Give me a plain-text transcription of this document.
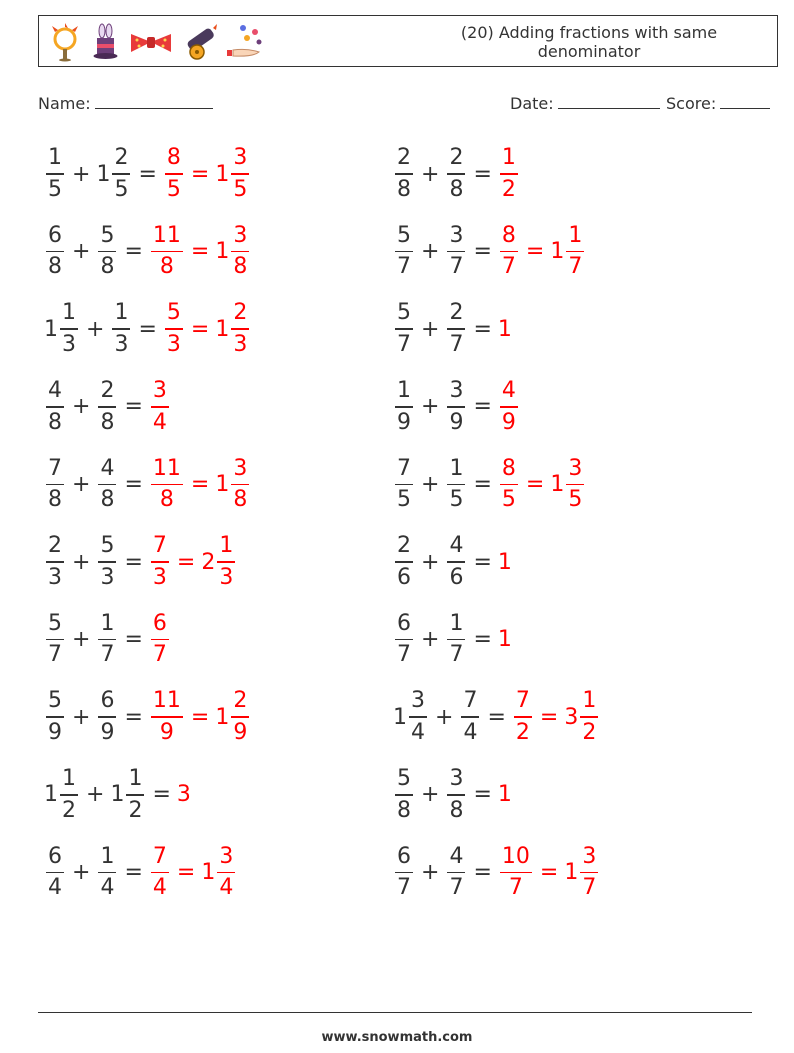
(20) Adding fractions with same denominator
Name:	Date:	Score:
$\frac{1}{5} + 1 \frac{2}{5} = \frac{8}{5} = 1 \frac{3}{5}$	$\frac{2}{8} + \frac{2}{8} = \frac{1}{2}$
$\frac{6}{8} + \frac{5}{8} = \frac{11}{8} = 1 \frac{3}{8}$	$\frac{5}{7} + \frac{3}{7} = \frac{8}{7} = 1 \frac{1}{7}$
$1 \frac{1}{3} + \frac{1}{3} = \frac{5}{3} = 1 \frac{2}{3}$	$\frac{5}{7} + \frac{2}{7} = 1$
$\frac{4}{8} + \frac{2}{8} = \frac{3}{4}$	$\frac{1}{9} + \frac{3}{9} = \frac{4}{9}$
$\frac{7}{8} + \frac{4}{8} = \frac{11}{8} = 1 \frac{3}{8}$	$\frac{7}{5} + \frac{1}{5} = \frac{8}{5} = 1 \frac{3}{5}$
$\frac{2}{3} + \frac{5}{3} = \frac{7}{3} = 2 \frac{1}{3}$	$\frac{2}{6} + \frac{4}{6} = 1$
$\frac{5}{7} + \frac{1}{7} = \frac{6}{7}$	$\frac{6}{7} + \frac{1}{7} = 1$
$\frac{5}{9} + \frac{6}{9} = \frac{11}{9} = 1 \frac{2}{9}$	$1 \frac{3}{4} + \frac{7}{4} = \frac{7}{2} = 3 \frac{1}{2}$
$1 \frac{1}{2} + 1 \frac{1}{2} = 3$	$\frac{5}{8} + \frac{3}{8} = 1$
$\frac{6}{4} + \frac{1}{4} = \frac{7}{4} = 1 \frac{3}{4}$	$\frac{6}{7} + \frac{4}{7} = \frac{10}{7} = 1 \frac{3}{7}$
www.snowmath.com
